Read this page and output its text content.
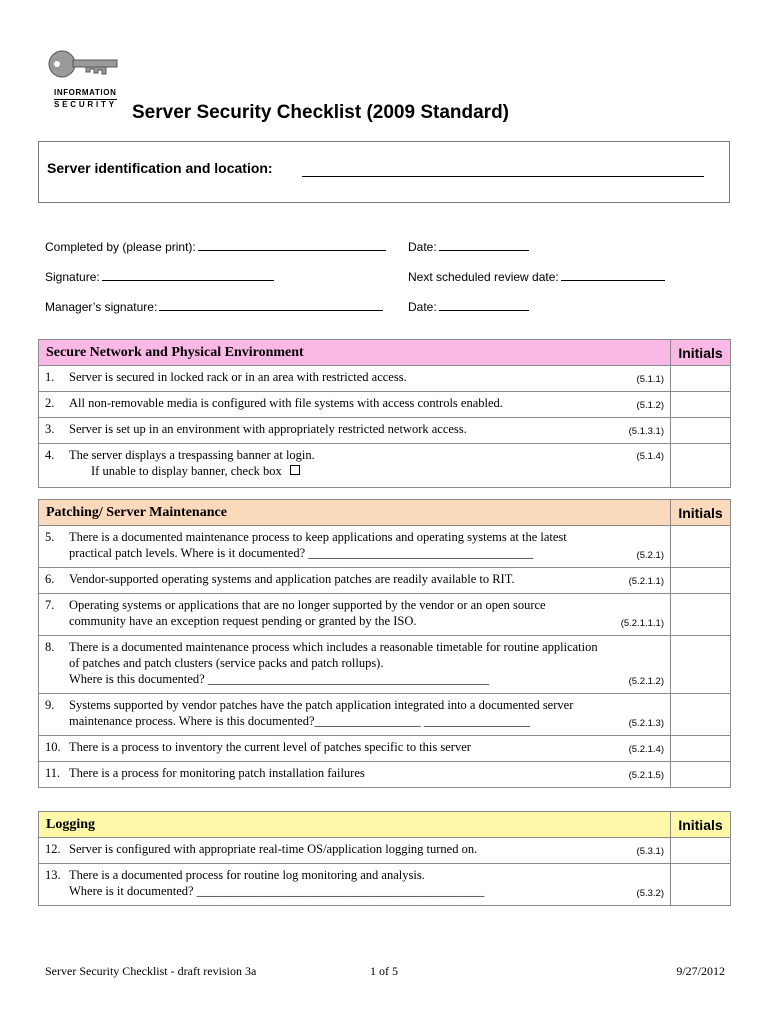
INFORMATION
SECURITY Server Security Checklist (2009 Standard)
Server identification and location:
Completed by (please print):	Date:
Signature:	Next scheduled review date:
Manager’s signature:	Date:
Secure Network and Physical Environment	Initials

1. Server is secured in locked rack or in an area with restricted access. (5.1.1)	

2. All non-removable media is configured with file systems with access controls enabled. (5.1.2)	

3. Server is set up in an environment with appropriately restricted network access. (5.1.3.1)	

4. The server displays a trespassing banner at login.
If unable to display banner, check box
(5.1.4)	

Patching/ Server Maintenance	Initials

5. There is a documented maintenance process to keep applications and operating systems at the latest
practical patch levels. Where is it documented? ____________________________________ (5.2.1)	

6. Vendor-supported operating systems and application patches are readily available to RIT. (5.2.1.1)	

7. Operating systems or applications that are no longer supported by the vendor or an open source
community have an exception request pending or granted by the ISO. (5.2.1.1.1)	

8. There is a documented maintenance process which includes a reasonable timetable for routine application
of patches and patch clusters (service packs and patch rollups).
Where is this documented? _____________________________________________ (5.2.1.2)	

9. Systems supported by vendor patches have the patch application integrated into a documented server
maintenance process. Where is this documented?_________________ _________________ (5.2.1.3)	

10. There is a process to inventory the current level of patches specific to this server (5.2.1.4)	

11. There is a process for monitoring patch installation failures (5.2.1.5)	

Logging	Initials

12. Server is configured with appropriate real-time OS/application logging turned on. (5.3.1)	

13. There is a documented process for routine log monitoring and analysis.
Where is it documented? ______________________________________________ (5.3.2)	

Server Security Checklist - draft revision 3a	1 of 5	9/27/2012
